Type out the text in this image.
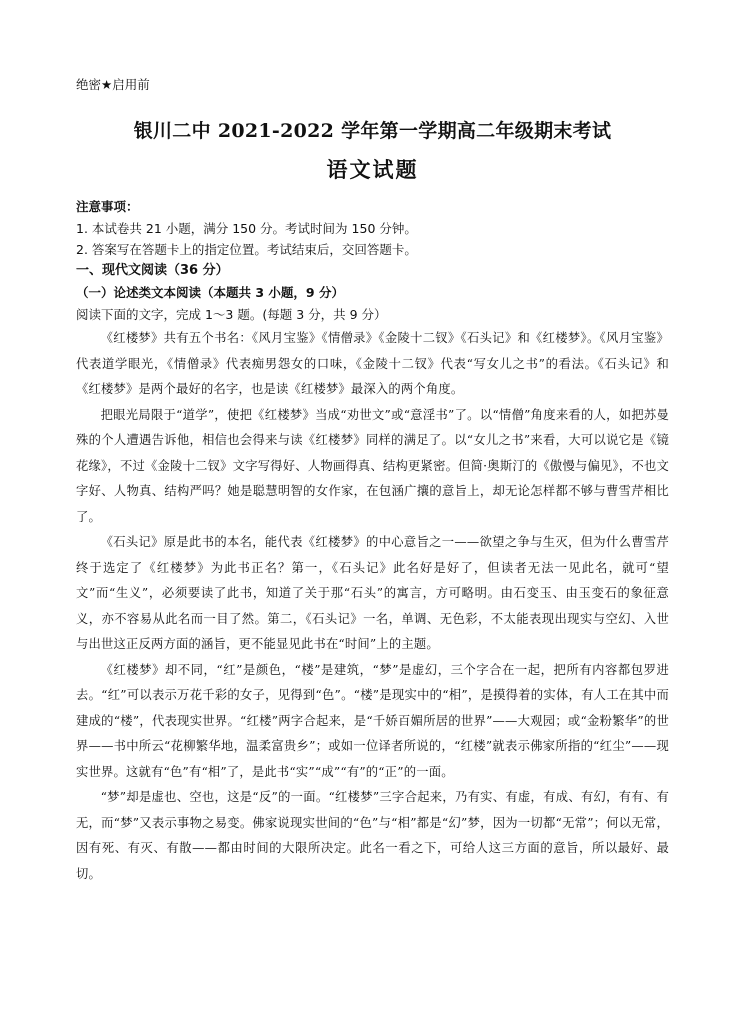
绝密★启用前
银川二中 2021-2022 学年第一学期高二年级期末考试
语文试题
注意事项：
1. 本试卷共 21 小题，满分 150 分。考试时间为 150 分钟。
2. 答案写在答题卡上的指定位置。考试结束后，交回答题卡。
一、现代文阅读（36 分）
（一）论述类文本阅读（本题共 3 小题，9 分）
阅读下面的文字，完成 1～3 题。(每题 3 分，共 9 分）

《红楼梦》共有五个书名：《风月宝鉴》《情僧录》《金陵十二钗》《石头记》和《红楼梦》。《风月宝鉴》代表道学眼光，《情僧录》代表痴男怨女的口味，《金陵十二钗》代表“写女儿之书”的看法。《石头记》和《红楼梦》是两个最好的名字，也是读《红楼梦》最深入的两个角度。

把眼光局限于“道学”，使把《红楼梦》当成“劝世文”或“意淫书”了。以“情僧”角度来看的人，如把苏曼殊的个人遭遇告诉他，相信也会得来与读《红楼梦》同样的满足了。以“女儿之书”来看，大可以说它是《镜花缘》，不过《金陵十二钗》文字写得好、人物画得真、结构更紧密。但简·奥斯汀的《傲慢与偏见》，不也文字好、人物真、结构严吗？她是聪慧明智的女作家，在包涵广攘的意旨上，却无论怎样都不够与曹雪芹相比了。

《石头记》原是此书的本名，能代表《红楼梦》的中心意旨之一——欲望之争与生灭，但为什么曹雪芹终于选定了《红楼梦》为此书正名？第一，《石头记》此名好是好了，但读者无法一见此名，就可“望文”而“生义”，必须要读了此书，知道了关于那“石头”的寓言，方可略明。由石变玉、由玉变石的象征意义，亦不容易从此名而一目了然。第二，《石头记》一名，单调、无色彩，不太能表现出现实与空幻、入世与出世这正反两方面的涵旨，更不能显见此书在“时间”上的主题。

《红楼梦》却不同，“红”是颜色，“楼”是建筑，“梦”是虚幻，三个字合在一起，把所有内容都包罗进去。“红”可以表示万花千彩的女子，见得到“色”。“楼”是现实中的“相”，是摸得着的实体，有人工在其中而建成的“楼”，代表现实世界。“红楼”两字合起来，是“千娇百媚所居的世界”——大观园；或“金粉繁华”的世界——书中所云“花柳繁华地，温柔富贵乡”；或如一位译者所说的，“红楼”就表示佛家所指的“红尘”——现实世界。这就有“色”有“相”了，是此书“实”“成”“有”的“正”的一面。

“梦”却是虚也、空也，这是“反”的一面。“红楼梦”三字合起来，乃有实、有虚，有成、有幻，有有、有无，而“梦”又表示事物之易变。佛家说现实世间的“色”与“相”都是“幻”梦，因为一切都“无常”；何以无常，因有死、有灭、有散——都由时间的大限所决定。此名一看之下，可给人这三方面的意旨，所以最好、最切。
